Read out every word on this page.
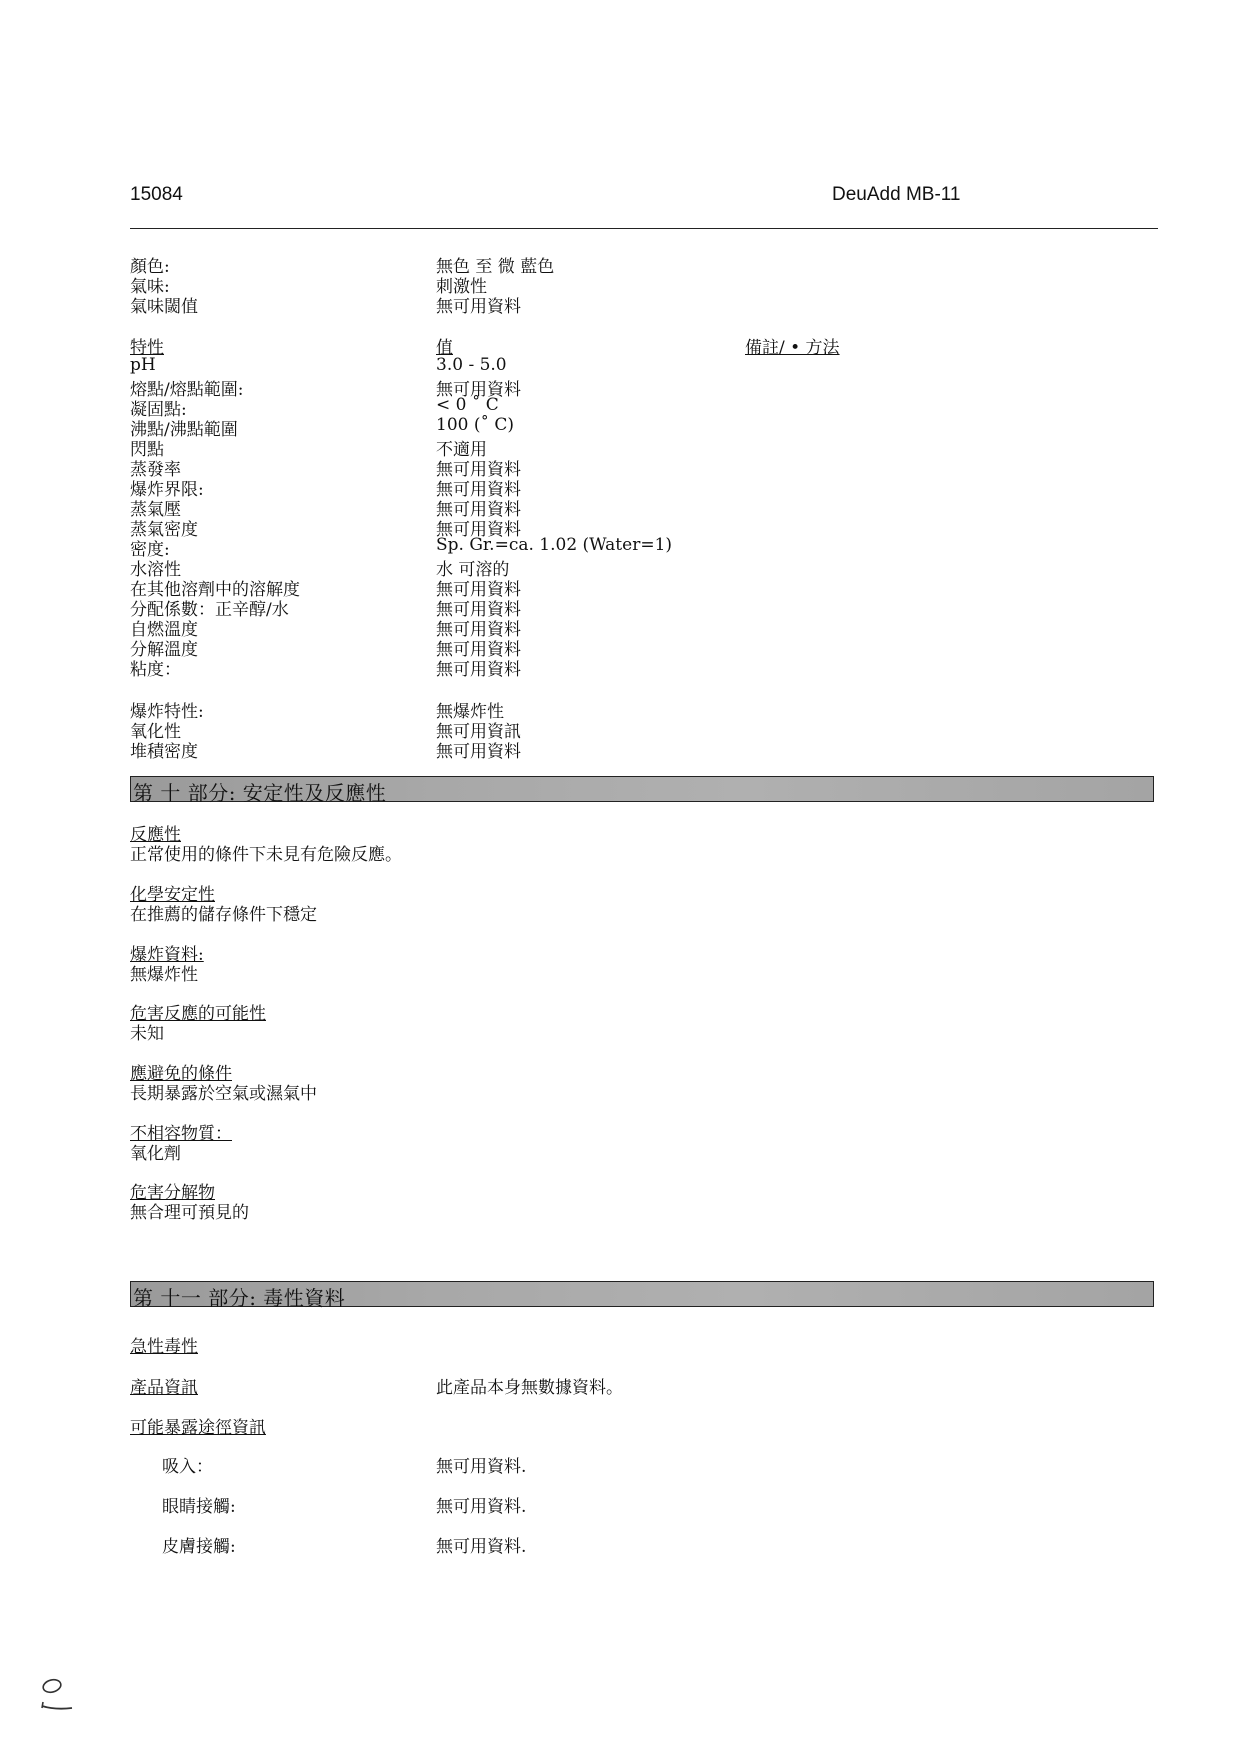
15084	DeuAdd MB-11
顏色:	無色 至 微 藍色
氣味:	刺激性
氣味閾值	無可用資料
特性	值	備註/ • 方法
pH	3.0 - 5.0
熔點/熔點範圍:	無可用資料
凝固點:	< 0 ˚ C
沸點/沸點範圍	100 (˚ C)
閃點	不適用
蒸發率	無可用資料
爆炸界限:	無可用資料
蒸氣壓	無可用資料
蒸氣密度	無可用資料
密度:	Sp. Gr.=ca. 1.02 (Water=1)
水溶性	水 可溶的
在其他溶劑中的溶解度	無可用資料
分配係數：正辛醇/水	無可用資料
自燃溫度	無可用資料
分解溫度	無可用資料
粘度：	無可用資料
爆炸特性:	無爆炸性
氧化性	無可用資訊
堆積密度	無可用資料
第 十 部分: 安定性及反應性
反應性
正常使用的條件下未見有危險反應。
化學安定性
在推薦的儲存條件下穩定
爆炸資料:
無爆炸性
危害反應的可能性
未知
應避免的條件
長期暴露於空氣或濕氣中
不相容物質：
氧化劑
危害分解物
無合理可預見的
第 十一 部分: 毒性資料
急性毒性
產品資訊	此產品本身無數據資料。
可能暴露途徑資訊
吸入：	無可用資料.
眼睛接觸:	無可用資料.
皮膚接觸:	無可用資料.
